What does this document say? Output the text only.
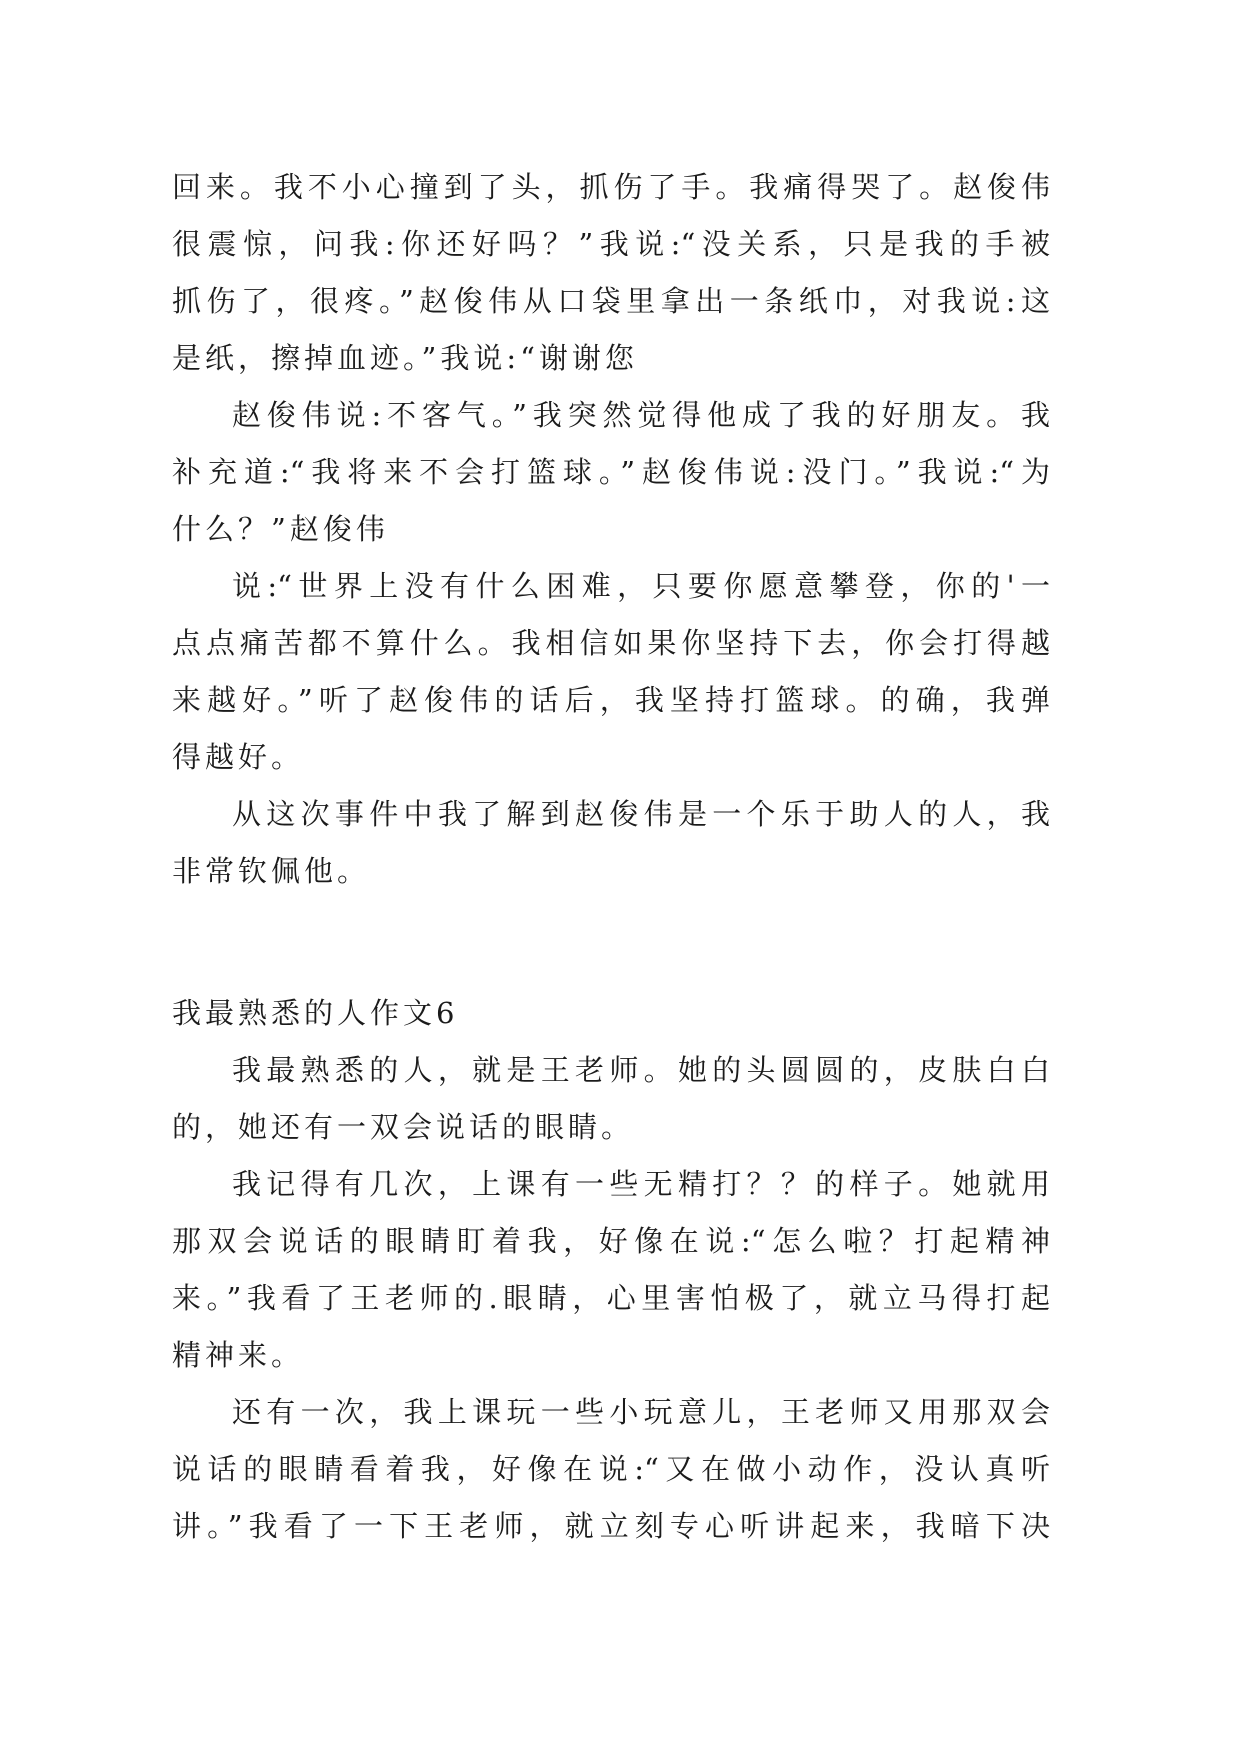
回来。我不小心撞到了头，抓伤了手。我痛得哭了。赵俊伟
很震惊，问我:你还好吗？”我说:“没关系，只是我的手被
抓伤了，很疼。”赵俊伟从口袋里拿出一条纸巾，对我说:这
是纸，擦掉血迹。”我说:“谢谢您
赵俊伟说:不客气。”我突然觉得他成了我的好朋友。我
补充道:“我将来不会打篮球。”赵俊伟说:没门。”我说:“为
什么？”赵俊伟
说:“世界上没有什么困难，只要你愿意攀登，你的'一
点点痛苦都不算什么。我相信如果你坚持下去，你会打得越
来越好。”听了赵俊伟的话后，我坚持打篮球。的确，我弹
得越好。
从这次事件中我了解到赵俊伟是一个乐于助人的人，我
非常钦佩他。
我最熟悉的人作文6
我最熟悉的人，就是王老师。她的头圆圆的，皮肤白白
的，她还有一双会说话的眼睛。
我记得有几次，上课有一些无精打？？的样子。她就用
那双会说话的眼睛盯着我，好像在说:“怎么啦？打起精神
来。”我看了王老师的.眼睛，心里害怕极了，就立马得打起
精神来。
还有一次，我上课玩一些小玩意儿，王老师又用那双会
说话的眼睛看着我，好像在说:“又在做小动作，没认真听
讲。”我看了一下王老师，就立刻专心听讲起来，我暗下决
